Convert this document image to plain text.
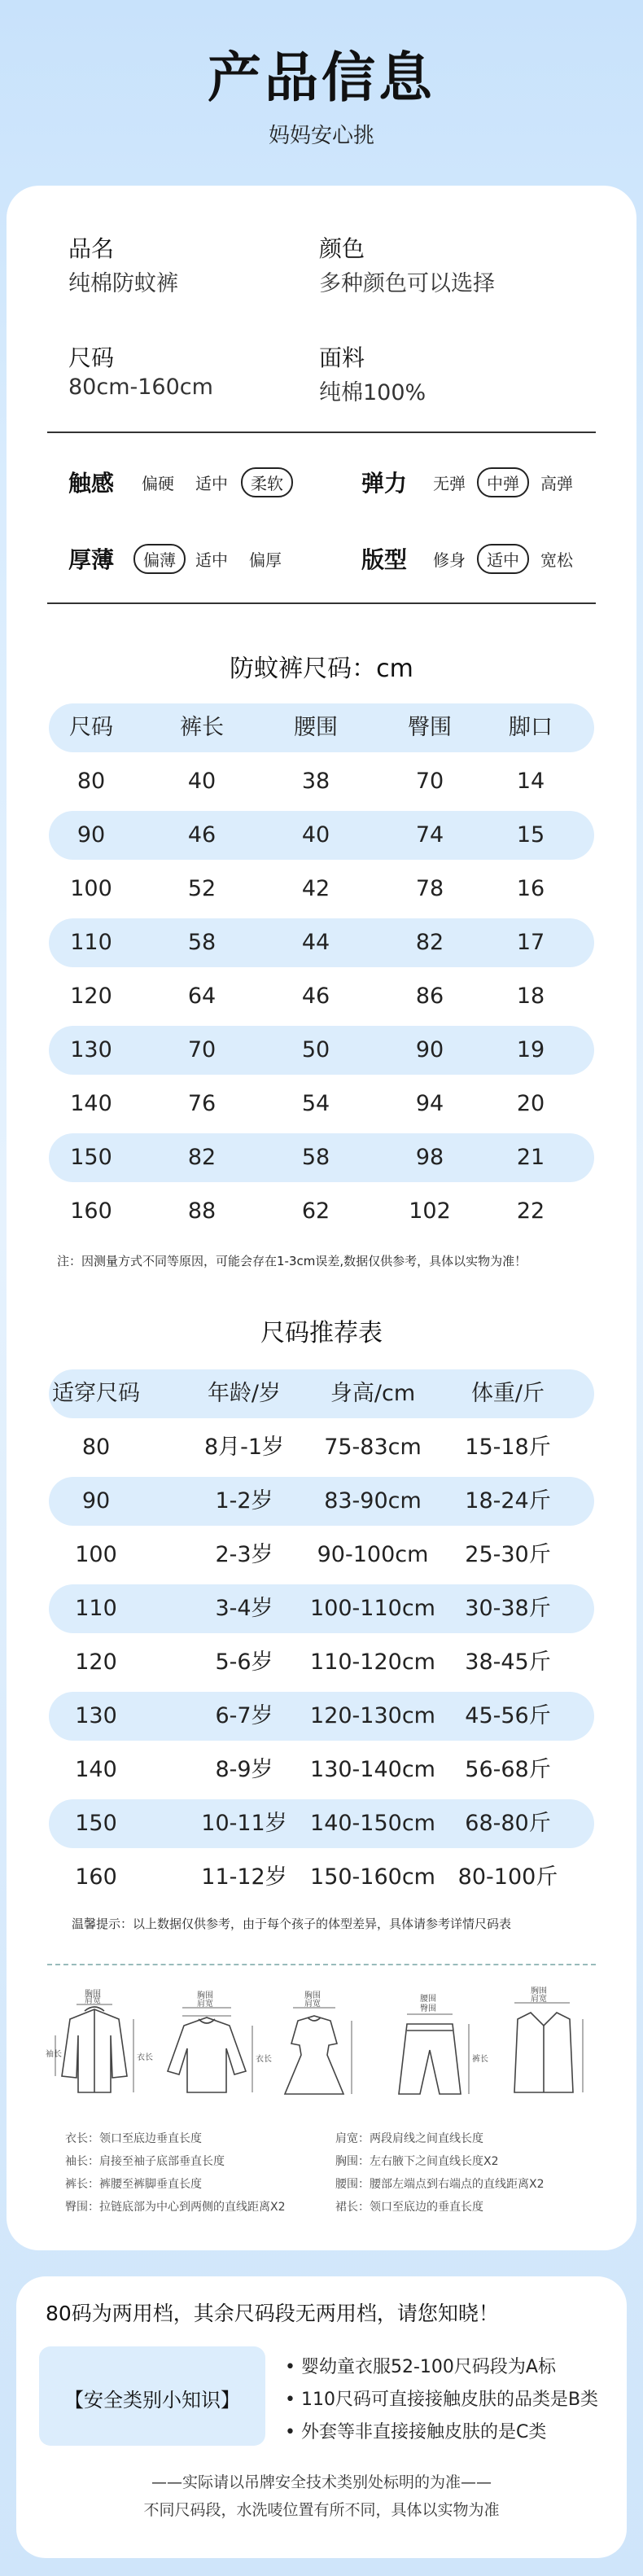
产品信息
妈妈安心挑
品名
纯棉防蚊裤
颜色
多种颜色可以选择
尺码
80cm-160cm
面料
纯棉100%
触感 偏硬 适中	柔软	弹力 无弹	中弹	高弹
厚薄	偏薄	适中 偏厚	版型 修身	适中	宽松
防蚊裤尺码：cm
尺码	裤长	腰围	臀围	脚口
80	40	38	70	14
90	46	40	74	15
100	52	42	78	16
110	58	44	82	17
120	64	46	86	18
130	70	50	90	19
140	76	54	94	20
150	82	58	98	21
160	88	62	102	22
注：因测量方式不同等原因，可能会存在1-3cm误差,数据仅供参考，具体以实物为准！
尺码推荐表
适穿尺码	年龄/岁	身高/cm	体重/斤
80	8月-1岁	75-83cm	15-18斤
90	1-2岁	83-90cm	18-24斤
100	2-3岁	90-100cm	25-30斤
110	3-4岁	100-110cm	30-38斤
120	5-6岁	110-120cm	38-45斤
130	6-7岁	120-130cm	45-56斤
140	8-9岁	130-140cm	56-68斤
150	10-11岁	140-150cm	68-80斤
160	11-12岁	150-160cm	80-100斤
温馨提示：以上数据仅供参考，由于每个孩子的体型差异，具体请参考详情尺码表
胸围
肩宽
胸围
肩宽
胸围
肩宽
腰围
臀围
胸围
肩宽
衣长	衣长	裤长
袖长
衣长：领口至底边垂直长度
袖长：肩接至袖子底部垂直长度
裤长：裤腰至裤脚垂直长度
臀围：拉链底部为中心到两侧的直线距离X2
肩宽：两段肩线之间直线长度
胸围：左右腋下之间直线长度X2
腰围：腰部左端点到右端点的直线距离X2
裙长：领口至底边的垂直长度
80码为两用档，其余尺码段无两用档，请您知晓！
【安全类别小知识】
• 婴幼童衣服52-100尺码段为A标
• 110尺码可直接接触皮肤的品类是B类
• 外套等非直接接触皮肤的是C类
——实际请以吊牌安全技术类别处标明的为准——
不同尺码段，水洗唛位置有所不同，具体以实物为准
